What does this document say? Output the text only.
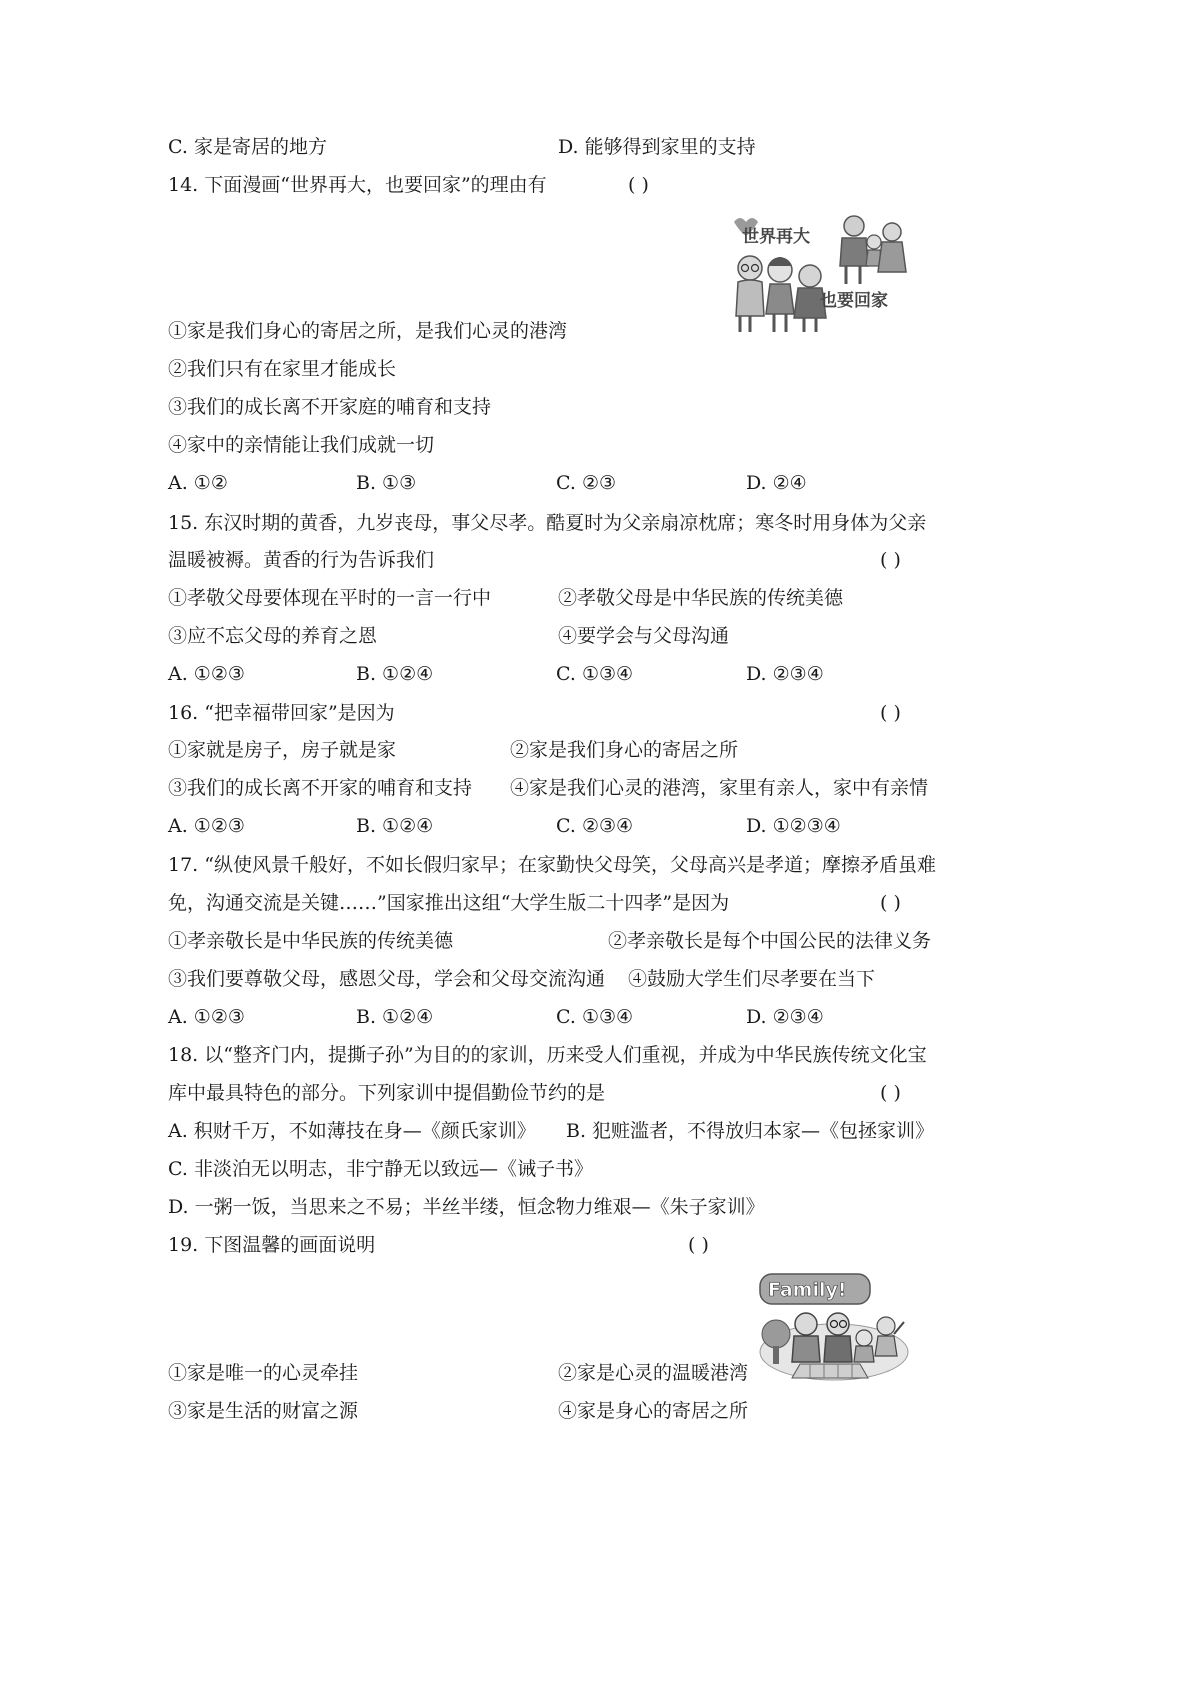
C. 家是寄居的地方	D. 能够得到家里的支持
14. 下面漫画“世界再大，也要回家”的理由有	( )
世界再大
也要回家
①家是我们身心的寄居之所，是我们心灵的港湾
②我们只有在家里才能成长
③我们的成长离不开家庭的哺育和支持
④家中的亲情能让我们成就一切
A. ①②	B. ①③	C. ②③	D. ②④
15. 东汉时期的黄香，九岁丧母，事父尽孝。酷夏时为父亲扇凉枕席；寒冬时用身体为父亲
温暖被褥。黄香的行为告诉我们	( )
①孝敬父母要体现在平时的一言一行中	②孝敬父母是中华民族的传统美德
③应不忘父母的养育之恩	④要学会与父母沟通
A. ①②③	B. ①②④	C. ①③④	D. ②③④
16. “把幸福带回家”是因为	( )
①家就是房子，房子就是家	②家是我们身心的寄居之所
③我们的成长离不开家的哺育和支持 ④家是我们心灵的港湾，家里有亲人，家中有亲情
A. ①②③	B. ①②④	C. ②③④	D. ①②③④
17. “纵使风景千般好，不如长假归家早；在家勤快父母笑，父母高兴是孝道；摩擦矛盾虽难
免，沟通交流是关键……”国家推出这组“大学生版二十四孝”是因为	( )
①孝亲敬长是中华民族的传统美德	②孝亲敬长是每个中国公民的法律义务
③我们要尊敬父母，感恩父母，学会和父母交流沟通 ④鼓励大学生们尽孝要在当下
A. ①②③	B. ①②④	C. ①③④	D. ②③④
18. 以“整齐门内，提撕子孙”为目的的家训，历来受人们重视，并成为中华民族传统文化宝
库中最具特色的部分。下列家训中提倡勤俭节约的是	( )
A. 积财千万，不如薄技在身—《颜氏家训》 B. 犯赃滥者，不得放归本家—《包拯家训》
C. 非淡泊无以明志，非宁静无以致远—《诫子书》
D. 一粥一饭，当思来之不易；半丝半缕，恒念物力维艰—《朱子家训》
19. 下图温馨的画面说明	( )
Family!
①家是唯一的心灵牵挂	②家是心灵的温暖港湾
③家是生活的财富之源	④家是身心的寄居之所
